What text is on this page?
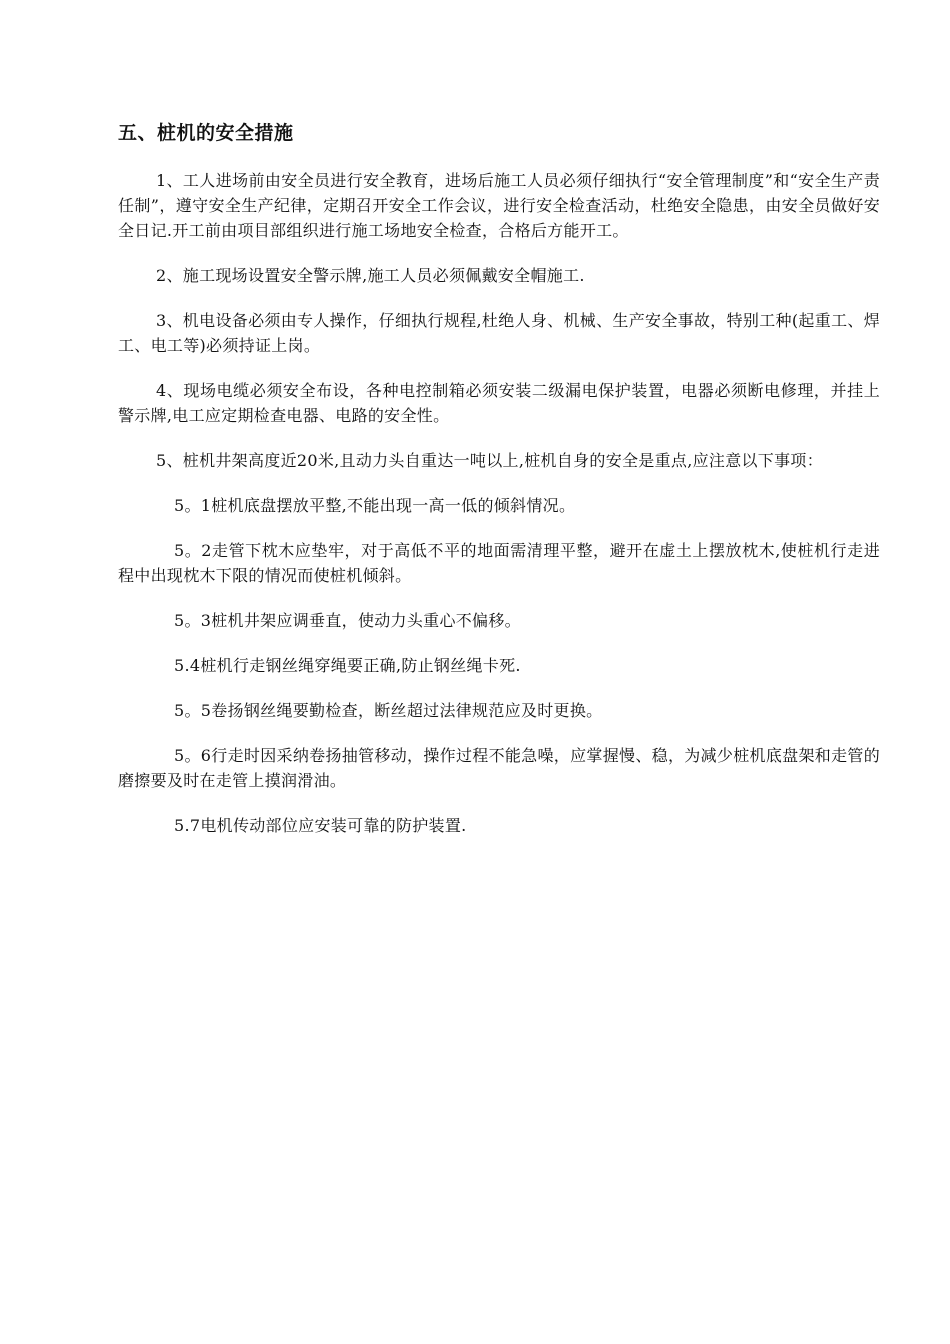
五、桩机的安全措施

1、工人进场前由安全员进行安全教育，进场后施工人员必须仔细执行“安全管理制度”和“安全生产责任制”，遵守安全生产纪律，定期召开安全工作会议，进行安全检查活动，杜绝安全隐患，由安全员做好安全日记.开工前由项目部组织进行施工场地安全检查，合格后方能开工。

2、施工现场设置安全警示牌,施工人员必须佩戴安全帽施工.

3、机电设备必须由专人操作，仔细执行规程,杜绝人身、机械、生产安全事故，特别工种(起重工、焊工、电工等)必须持证上岗。

4、现场电缆必须安全布设，各种电控制箱必须安装二级漏电保护装置，电器必须断电修理，并挂上警示牌,电工应定期检查电器、电路的安全性。

5、桩机井架高度近20米,且动力头自重达一吨以上,桩机自身的安全是重点,应注意以下事项：

5。1桩机底盘摆放平整,不能出现一高一低的倾斜情况。

5。2走管下枕木应垫牢，对于高低不平的地面需清理平整，避开在虚土上摆放枕木,使桩机行走进程中出现枕木下限的情况而使桩机倾斜。

5。3桩机井架应调垂直，使动力头重心不偏移。

5.4桩机行走钢丝绳穿绳要正确,防止钢丝绳卡死.

5。5卷扬钢丝绳要勤检查，断丝超过法律规范应及时更换。

5。6行走时因采纳卷扬抽管移动，操作过程不能急噪，应掌握慢、稳，为减少桩机底盘架和走管的磨擦要及时在走管上摸润滑油。

5.7电机传动部位应安装可靠的防护装置.
